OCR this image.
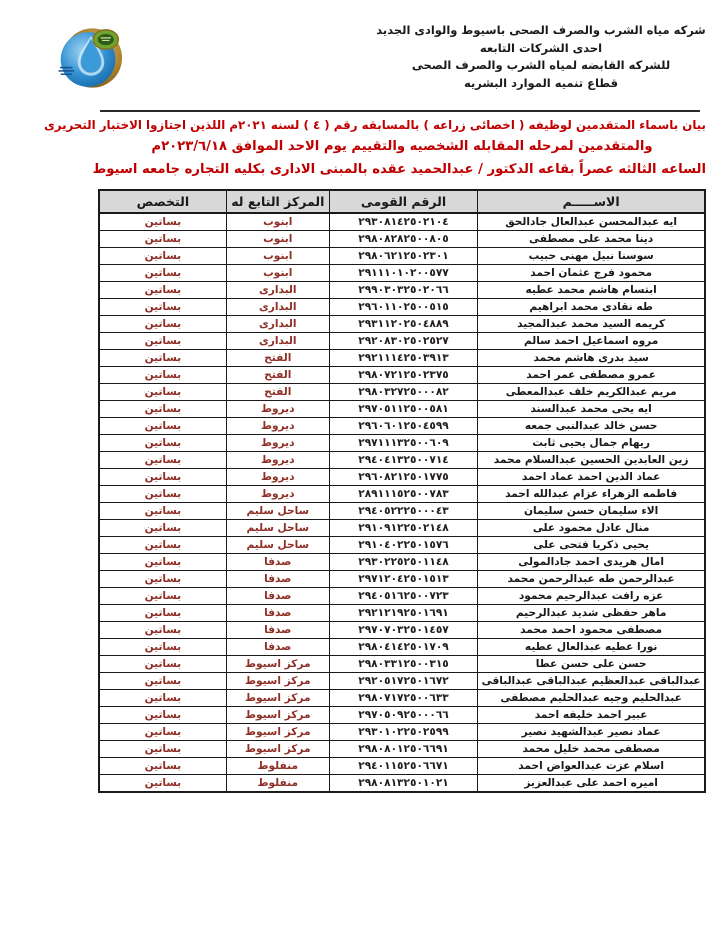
شركه مياه الشرب والصرف الصحى باسيوط والوادى الجديد
احدى الشركات التابعه
للشركه القابضه لمياه الشرب والصرف الصحى
قطاع تنميه الموارد البشريه
بيان باسماء المتقدمين لوظيفه ( اخصائى زراعه ) بالمسابقه رقم ( ٤ ) لسنه ٢٠٢١م اللذين اجتازوا الاختبار التحريرى
والمتقدمين لمرحله المقابله الشخصيه والتقييم يوم الاحد الموافق ٢٠٢٣/٦/١٨م
الساعه الثالثه عصراً بقاعه الدكتور / عبدالحميد عقده بالمبنى الادارى بكليه التجاره جامعه اسيوط
الاســـــم	الرقم القومى	المركز التابع له	التخصص
ايه عبدالمحسن عبدالعال جادالحق	٢٩٣٠٨١٤٢٥٠٢١٠٤	ابنوب	بساتين
دينا محمد على مصطفى	٢٩٨٠٨٢٨٢٥٠٠٨٠٥	ابنوب	بساتين
سوسنا نبيل مهنى حبيب	٢٩٨٠٦٢١٢٥٠٢٣٠١	ابنوب	بساتين
محمود فرج عثمان احمد	٢٩١١١٠١٠٢٠٠٥٧٧	ابنوب	بساتين
ابتسام هاشم محمد عطيه	٢٩٩٠٣٠٣٢٥٠٢٠٦٦	البدارى	بساتين
طه نقادى محمد ابراهيم	٢٩٦٠١١٠٢٥٠٠٥١٥	البدارى	بساتين
كريمه السيد محمد عبدالمجيد	٢٩٣١١٢٠٢٥٠٤٨٨٩	البدارى	بساتين
مروه اسماعيل احمد سالم	٢٩٢٠٨٣٠٢٥٠٢٥٢٧	البدارى	بساتين
سيد بدرى هاشم محمد	٢٩٢١١١٤٢٥٠٣٩١٣	الفتح	بساتين
عمرو مصطفى عمر احمد	٢٩٨٠٧٢١٢٥٠٢٣٧٥	الفتح	بساتين
مريم عبدالكريم خلف عبدالمعطى	٢٩٨٠٣٢٧٢٥٠٠٠٨٢	الفتح	بساتين
ايه يحى محمد عبدالسند	٢٩٧٠٥١١٢٥٠٠٥٨١	ديروط	بساتين
حسن خالد عبدالنبى جمعه	٢٩٦٠٦٠١٢٥٠٤٥٩٩	ديروط	بساتين
ريهام جمال يحيى ثابت	٢٩٧١١١٣٢٥٠٠٦٠٩	ديروط	بساتين
زين العابدين الحسين عبدالسلام محمد	٢٩٤٠٤١٣٢٥٠٠٧١٤	ديروط	بساتين
عماد الدين احمد عماد احمد	٢٩٦٠٨٢١٢٥٠١٧٧٥	ديروط	بساتين
فاطمه الزهراء عزام عبدالله احمد	٢٨٩١١١٥٢٥٠٠٧٨٣	ديروط	بساتين
الاء سليمان حسن سليمان	٢٩٤٠٥٢٢٢٥٠٠٠٤٣	ساحل سليم	بساتين
منال عادل محمود على	٢٩١٠٩١٢٢٥٠٢١٤٨	ساحل سليم	بساتين
يحيى ذكريا فتحى على	٢٩١٠٤٠٢٢٥٠١٥٧٦	ساحل سليم	بساتين
امال هريدى احمد جادالمولى	٢٩٣٠٢٢٥٢٥٠١١٤٨	صدفا	بساتين
عبدالرحمن طه عبدالرحمن محمد	٢٩٧١٢٠٤٢٥٠١٥١٣	صدفا	بساتين
عزه رافت عبدالرحيم محمود	٢٩٤٠٥١٦٢٥٠٠٧٢٣	صدفا	بساتين
ماهر حفظى شديد عبدالرحيم	٢٩٢١٢١٩٢٥٠١٦٩١	صدفا	بساتين
مصطفى محمود احمد محمد	٢٩٧٠٧٠٣٢٥٠١٤٥٧	صدفا	بساتين
نورا عطيه عبدالعال عطيه	٢٩٨٠٤١٤٢٥٠١٧٠٩	صدفا	بساتين
حسن على حسن عطا	٢٩٨٠٣٣١٢٥٠٠٣١٥	مركز اسيوط	بساتين
عبدالباقى عبدالعظيم عبدالباقى عبدالباقى	٢٩٢٠٥١٧٢٥٠١٦٧٢	مركز اسيوط	بساتين
عبدالحليم وجيه عبدالحليم مصطفى	٢٩٨٠٧١٧٢٥٠٠٦٣٣	مركز اسيوط	بساتين
عبير احمد خليفه احمد	٢٩٧٠٥٠٩٢٥٠٠٠٦٦	مركز اسيوط	بساتين
عماد نصير عبدالشهيد نصير	٢٩٣٠١٠٢٢٥٠٢٥٩٩	مركز اسيوط	بساتين
مصطفى محمد خليل محمد	٢٩٨٠٨٠١٢٥٠٦٦٩١	مركز اسيوط	بساتين
اسلام عزت عبدالعواض احمد	٢٩٤٠١١٥٢٥٠٦٦٧١	منفلوط	بساتين
اميره احمد على عبدالعزيز	٢٩٨٠٨١٣٢٥٠١٠٢١	منفلوط	بساتين
